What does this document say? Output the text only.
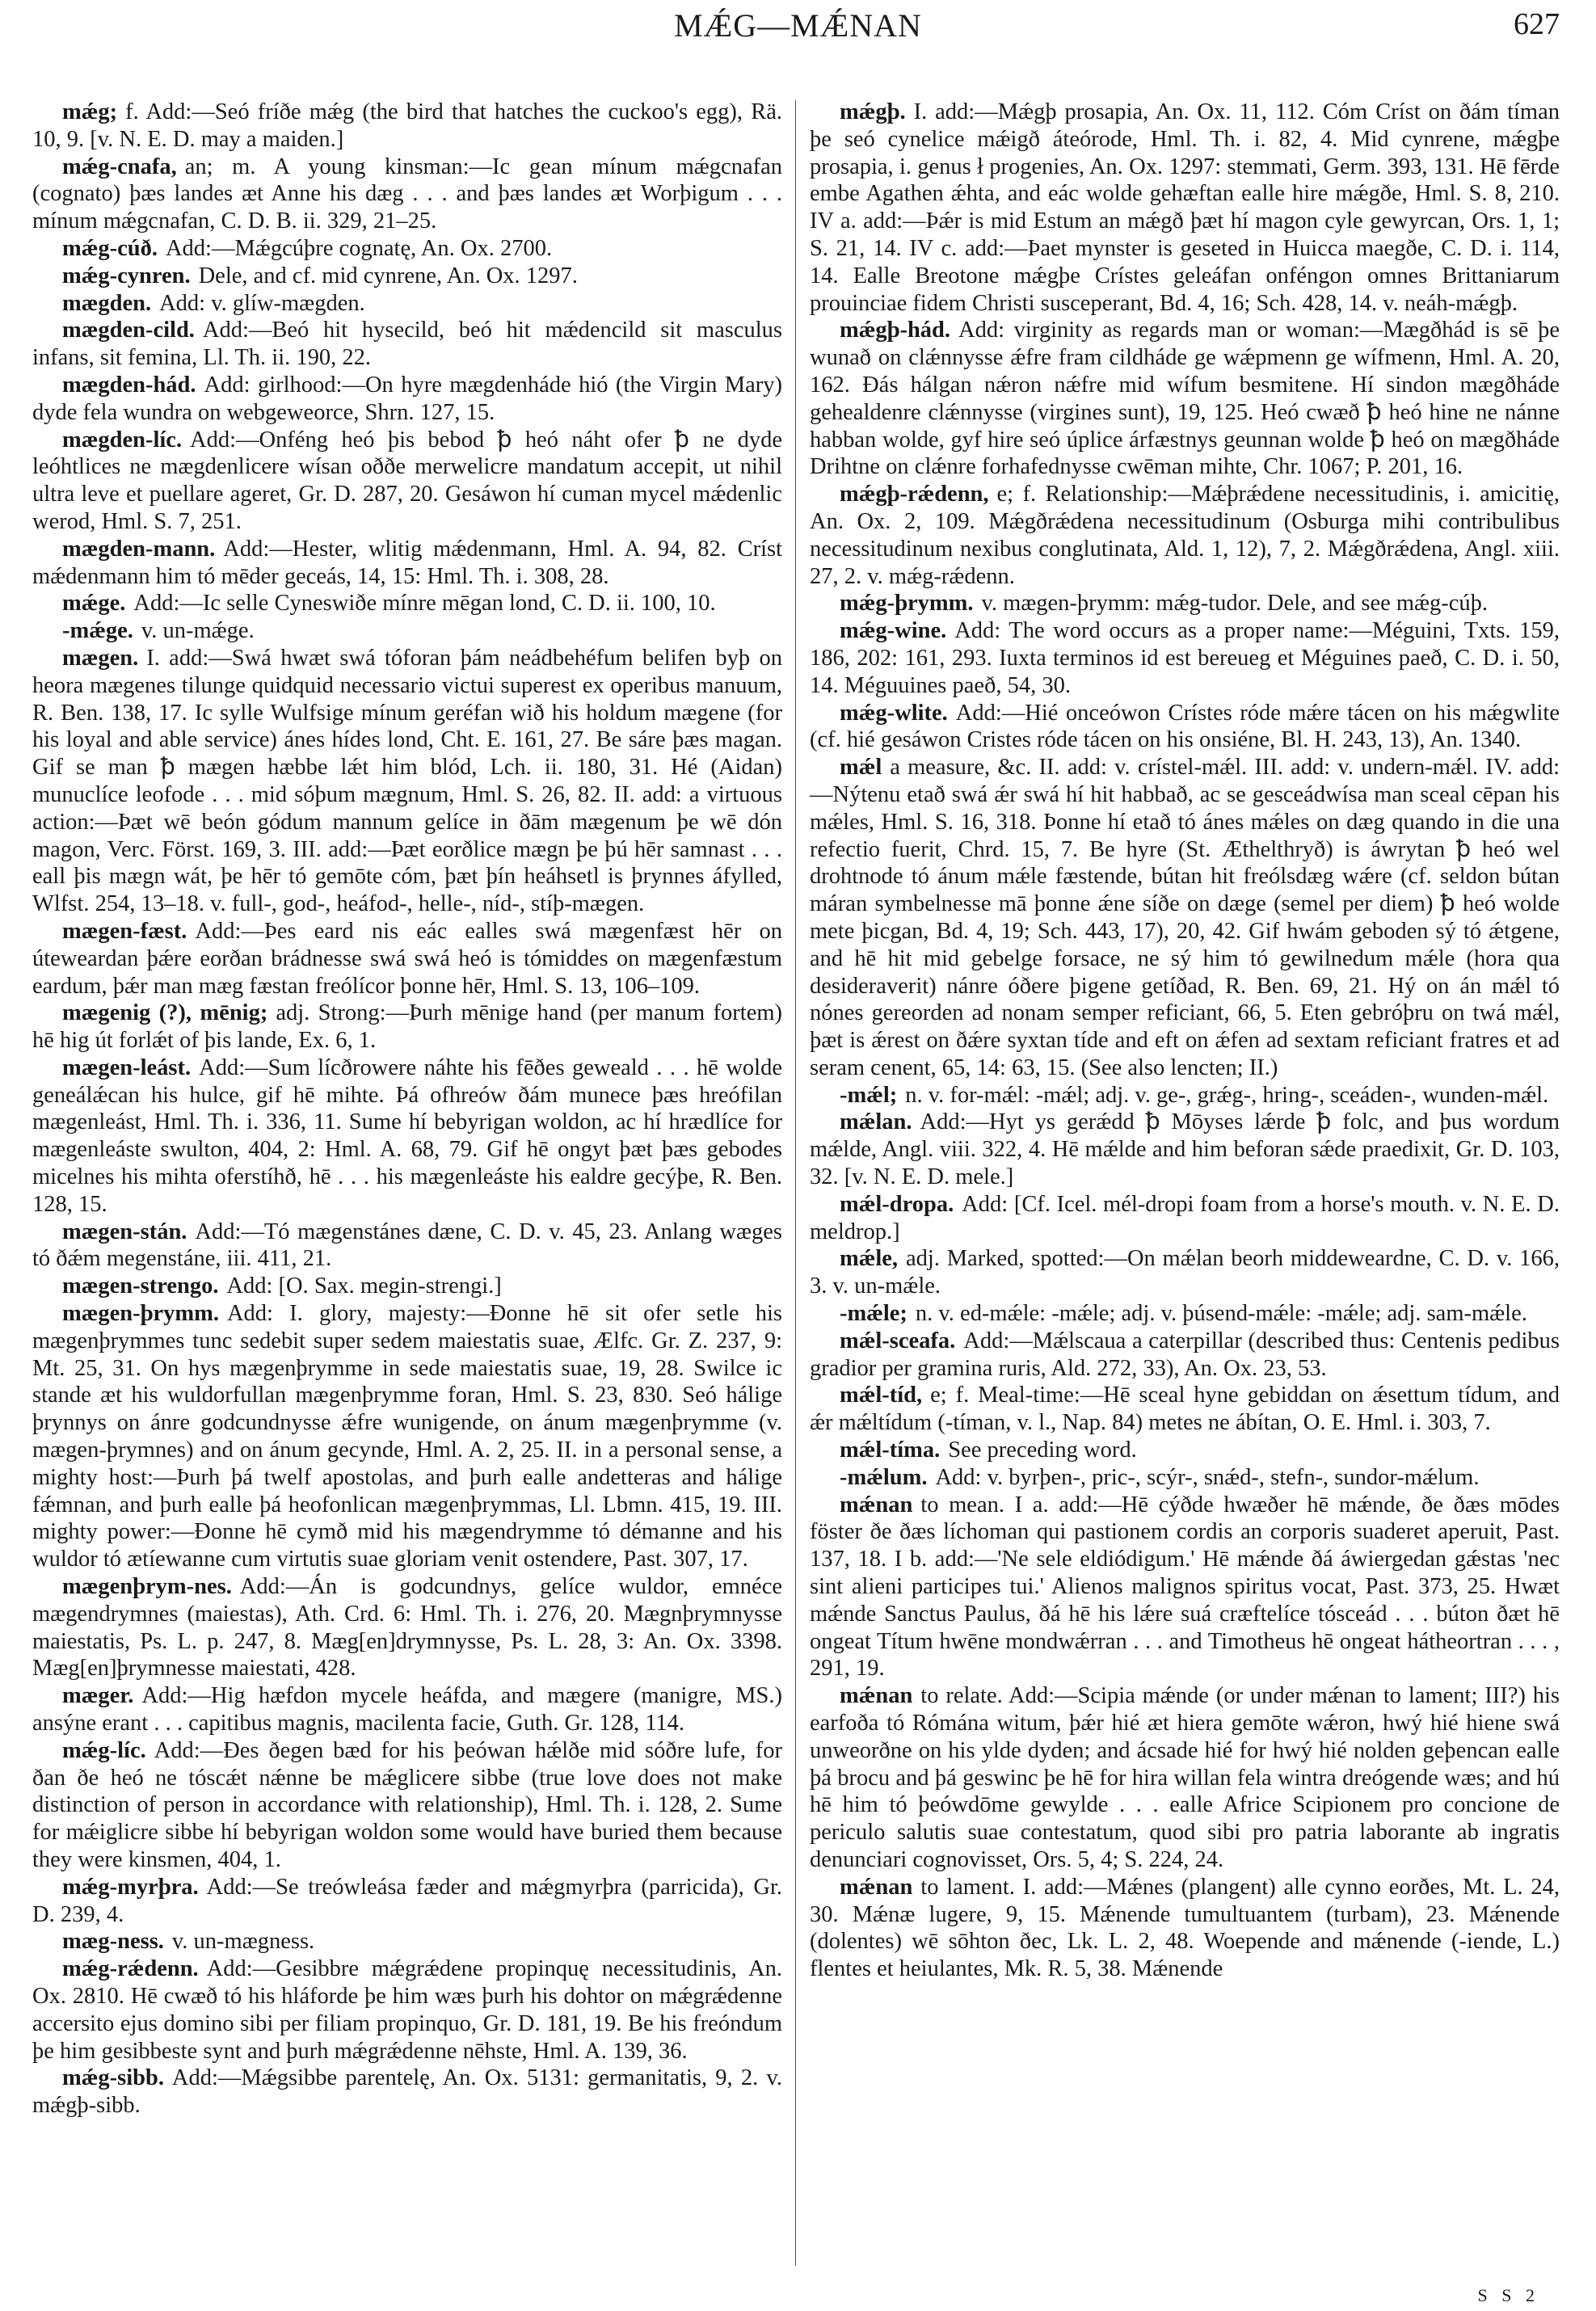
MǼG—MǼNAN	627

mǽg; f. Add:—Seó fríðe mǽg (the bird that hatches the cuckoo's egg), Rä. 10, 9. [v. N. E. D. may a maiden.]

mǽg-cnafa, an; m. A young kinsman:—Ic gean mínum mǽgcnafan (cognato) þæs landes æt Anne his dæg . . . and þæs landes æt Worþigum . . . mínum mǽgcnafan, C. D. B. ii. 329, 21–25.

mǽg-cúð. Add:—Mǽgcúþre cognatę, An. Ox. 2700.

mǽg-cynren. Dele, and cf. mid cynrene, An. Ox. 1297.

mægden. Add: v. glíw-mægden.

mægden-cild. Add:—Beó hit hysecild, beó hit mǽdencild sit masculus infans, sit femina, Ll. Th. ii. 190, 22.

mægden-hád. Add: girlhood:—On hyre mægdenháde hió (the Virgin Mary) dyde fela wundra on webgeweorce, Shrn. 127, 15.

mægden-líc. Add:—Onféng heó þis bebod ꝥ heó náht ofer ꝥ ne dyde leóhtlices ne mægdenlicere wísan oððe merwelicre mandatum accepit, ut nihil ultra leve et puellare ageret, Gr. D. 287, 20. Gesáwon hí cuman mycel mǽdenlic werod, Hml. S. 7, 251.

mægden-mann. Add:—Hester, wlitig mǽdenmann, Hml. A. 94, 82. Críst mǽdenmann him tó mēder geceás, 14, 15: Hml. Th. i. 308, 28.

mǽge. Add:—Ic selle Cyneswiðe mínre mēgan lond, C. D. ii. 100, 10.

-mǽge. v. un-mǽge.

mægen. I. add:—Swá hwæt swá tóforan þám neádbehéfum belifen byþ on heora mægenes tilunge quidquid necessario victui superest ex operibus manuum, R. Ben. 138, 17. Ic sylle Wulfsige mínum geréfan wið his holdum mægene (for his loyal and able service) ánes hídes lond, Cht. E. 161, 27. Be sáre þæs magan. Gif se man ꝥ mægen hæbbe lǽt him blód, Lch. ii. 180, 31. Hé (Aidan) munuclíce leofode . . . mid sóþum mægnum, Hml. S. 26, 82. II. add: a virtuous action:—Þæt wē beón gódum mannum gelíce in ðām mægenum þe wē dón magon, Verc. Först. 169, 3. III. add:—Þæt eorðlice mægn þe þú hēr samnast . . . eall þis mægn wát, þe hēr tó gemōte cóm, þæt þín heáhsetl is þrynnes áfylled, Wlfst. 254, 13–18. v. full-, god-, heáfod-, helle-, níd-, stíþ-mægen.

mægen-fæst. Add:—Þes eard nis eác ealles swá mægenfæst hēr on úteweardan þǽre eorðan brádnesse swá swá heó is tómiddes on mægenfæstum eardum, þǽr man mæg fæstan freólícor þonne hēr, Hml. S. 13, 106–109.

mægenig (?), mēnig; adj. Strong:—Þurh mēnige hand (per manum fortem) hē hig út forlǽt of þis lande, Ex. 6, 1.

mægen-leást. Add:—Sum lícðrowere náhte his fēðes geweald . . . hē wolde geneálǽcan his hulce, gif hē mihte. Þá ofhreów ðám munece þæs hreófilan mægenleást, Hml. Th. i. 336, 11. Sume hí bebyrigan woldon, ac hí hrædlíce for mægenleáste swulton, 404, 2: Hml. A. 68, 79. Gif hē ongyt þæt þæs gebodes micelnes his mihta oferstíhð, hē . . . his mægenleáste his ealdre gecýþe, R. Ben. 128, 15.

mægen-stán. Add:—Tó mægenstánes dæne, C. D. v. 45, 23. Anlang wæges tó ðǽm megenstáne, iii. 411, 21.

mægen-strengo. Add: [O. Sax. megin-strengi.]

mægen-þrymm. Add: I. glory, majesty:—Ðonne hē sit ofer setle his mægenþrymmes tunc sedebit super sedem maiestatis suae, Ælfc. Gr. Z. 237, 9: Mt. 25, 31. On hys mægenþrymme in sede maiestatis suae, 19, 28. Swilce ic stande æt his wuldorfullan mægenþrymme foran, Hml. S. 23, 830. Seó hálige þrynnys on ánre godcundnysse ǽfre wunigende, on ánum mægenþrymme (v. mægen-þrymnes) and on ánum gecynde, Hml. A. 2, 25. II. in a personal sense, a mighty host:—Þurh þá twelf apostolas, and þurh ealle andetteras and hálige fǽmnan, and þurh ealle þá heofonlican mægenþrymmas, Ll. Lbmn. 415, 19. III. mighty power:—Ðonne hē cymð mid his mægendrymme tó démanne and his wuldor tó ætíewanne cum virtutis suae gloriam venit ostendere, Past. 307, 17.

mægenþrym-nes. Add:—Án is godcundnys, gelíce wuldor, emnéce mægendrymnes (maiestas), Ath. Crd. 6: Hml. Th. i. 276, 20. Mægnþrymnysse maiestatis, Ps. L. p. 247, 8. Mæg[en]drymnysse, Ps. L. 28, 3: An. Ox. 3398. Mæg[en]þrymnesse maiestati, 428.

mæger. Add:—Hig hæfdon mycele heáfda, and mægere (manigre, MS.) ansýne erant . . . capitibus magnis, macilenta facie, Guth. Gr. 128, 114.

mǽg-líc. Add:—Ðes ðegen bæd for his þeówan hǽlðe mid sóðre lufe, for ðan ðe heó ne tóscǽt nǽnne be mǽglicere sibbe (true love does not make distinction of person in accordance with relationship), Hml. Th. i. 128, 2. Sume for mǽiglicre sibbe hí bebyrigan woldon some would have buried them because they were kinsmen, 404, 1.

mǽg-myrþra. Add:—Se treówleása fæder and mǽgmyrþra (parricida), Gr. D. 239, 4.

mæg-ness. v. un-mægness.

mǽg-rǽdenn. Add:—Gesibbre mǽgrǽdene propinquę necessitudinis, An. Ox. 2810. Hē cwæð tó his hláforde þe him wæs þurh his dohtor on mǽgrǽdenne accersito ejus domino sibi per filiam propinquo, Gr. D. 181, 19. Be his freóndum þe him gesibbeste synt and þurh mǽgrǽdenne nēhste, Hml. A. 139, 36.

mǽg-sibb. Add:—Mǽgsibbe parentelę, An. Ox. 5131: germanitatis, 9, 2. v. mǽgþ-sibb.

mǽgþ. I. add:—Mǽgþ prosapia, An. Ox. 11, 112. Cóm Críst on ðám tíman þe seó cynelice mǽigð áteórode, Hml. Th. i. 82, 4. Mid cynrene, mǽgþe prosapia, i. genus ł progenies, An. Ox. 1297: stemmati, Germ. 393, 131. Hē fērde embe Agathen ǽhta, and eác wolde gehæftan ealle hire mǽgðe, Hml. S. 8, 210. IV a. add:—Þǽr is mid Estum an mǽgð þæt hí magon cyle gewyrcan, Ors. 1, 1; S. 21, 14. IV c. add:—Þaet mynster is geseted in Huicca maegðe, C. D. i. 114, 14. Ealle Breotone mǽgþe Crístes geleáfan onféngon omnes Brittaniarum prouinciae fidem Christi susceperant, Bd. 4, 16; Sch. 428, 14. v. neáh-mǽgþ.

mǽgþ-hád. Add: virginity as regards man or woman:—Mægðhád is sē þe wunað on clǽnnysse ǽfre fram cildháde ge wǽpmenn ge wífmenn, Hml. A. 20, 162. Ðás hálgan nǽron nǽfre mid wífum besmitene. Hí sindon mægðháde gehealdenre clǽnnysse (virgines sunt), 19, 125. Heó cwæð ꝥ heó hine ne nánne habban wolde, gyf hire seó úplice árfæstnys geunnan wolde ꝥ heó on mægðháde Drihtne on clǽnre forhafednysse cwēman mihte, Chr. 1067; P. 201, 16.

mǽgþ-rǽdenn, e; f. Relationship:—Mǽþrǽdene necessitudinis, i. amicitię, An. Ox. 2, 109. Mǽgðrǽdena necessitudinum (Osburga mihi contribulibus necessitudinum nexibus conglutinata, Ald. 1, 12), 7, 2. Mǽgðrǽdena, Angl. xiii. 27, 2. v. mǽg-rǽdenn.

mǽg-þrymm. v. mægen-þrymm: mǽg-tudor. Dele, and see mǽg-cúþ.

mǽg-wine. Add: The word occurs as a proper name:—Méguini, Txts. 159, 186, 202: 161, 293. Iuxta terminos id est bereueg et Méguines paeð, C. D. i. 50, 14. Méguuines paeð, 54, 30.

mǽg-wlite. Add:—Hié onceówon Crístes róde mǽre tácen on his mǽgwlite (cf. hié gesáwon Cristes róde tácen on his onsiéne, Bl. H. 243, 13), An. 1340.

mǽl a measure, &c. II. add: v. crístel-mǽl. III. add: v. undern-mǽl. IV. add:—Nýtenu etað swá ǽr swá hí hit habbað, ac se gesceádwísa man sceal cēpan his mǽles, Hml. S. 16, 318. Þonne hí etað tó ánes mǽles on dæg quando in die una refectio fuerit, Chrd. 15, 7. Be hyre (St. Æthelthryð) is áwrytan ꝥ heó wel drohtnode tó ánum mǽle fæstende, bútan hit freólsdæg wǽre (cf. seldon bútan máran symbelnesse mā þonne ǽne síðe on dæge (semel per diem) ꝥ heó wolde mete þicgan, Bd. 4, 19; Sch. 443, 17), 20, 42. Gif hwám geboden sý tó ǽtgene, and hē hit mid gebelge forsace, ne sý him tó gewilnedum mǽle (hora qua desideraverit) nánre óðere þigene getíðad, R. Ben. 69, 21. Hý on án mǽl tó nónes gereorden ad nonam semper reficiant, 66, 5. Eten gebróþru on twá mǽl, þæt is ǽrest on ðǽre syxtan tíde and eft on ǽfen ad sextam reficiant fratres et ad seram cenent, 65, 14: 63, 15. (See also lencten; II.)

-mǽl; n. v. for-mǽl: -mǽl; adj. v. ge-, grǽg-, hring-, sceáden-, wunden-mǽl.

mǽlan. Add:—Hyt ys gerǽdd ꝥ Mōyses lǽrde ꝥ folc, and þus wordum mǽlde, Angl. viii. 322, 4. Hē mǽlde and him beforan sǽde praedixit, Gr. D. 103, 32. [v. N. E. D. mele.]

mǽl-dropa. Add: [Cf. Icel. mél-dropi foam from a horse's mouth. v. N. E. D. meldrop.]

mǽle, adj. Marked, spotted:—On mǽlan beorh middeweardne, C. D. v. 166, 3. v. un-mǽle.

-mǽle; n. v. ed-mǽle: -mǽle; adj. v. þúsend-mǽle: -mǽle; adj. sam-mǽle.

mǽl-sceafa. Add:—Mǽlscaua a caterpillar (described thus: Centenis pedibus gradior per gramina ruris, Ald. 272, 33), An. Ox. 23, 53.

mǽl-tíd, e; f. Meal-time:—Hē sceal hyne gebiddan on ǽsettum tídum, and ǽr mǽltídum (-tíman, v. l., Nap. 84) metes ne ábítan, O. E. Hml. i. 303, 7.

mǽl-tíma. See preceding word.

-mǽlum. Add: v. byrþen-, pric-, scýr-, snǽd-, stefn-, sundor-mǽlum.

mǽnan to mean. I a. add:—Hē cýðde hwæðer hē mǽnde, ðe ðæs mōdes föster ðe ðæs líchoman qui pastionem cordis an corporis suaderet aperuit, Past. 137, 18. I b. add:—'Ne sele eldiódigum.' Hē mǽnde ðá áwiergedan gǽstas 'nec sint alieni participes tui.' Alienos malignos spiritus vocat, Past. 373, 25. Hwæt mǽnde Sanctus Paulus, ðá hē his lǽre suá cræftelíce tósceád . . . búton ðæt hē ongeat Títum hwēne mondwǽrran . . . and Timotheus hē ongeat hátheortran . . . , 291, 19.

mǽnan to relate. Add:—Scipia mǽnde (or under mǽnan to lament; III?) his earfoða tó Rómána witum, þǽr hié æt hiera gemōte wǽron, hwý hié hiene swá unweorðne on his ylde dyden; and ácsade hié for hwý hié nolden geþencan ealle þá brocu and þá geswinc þe hē for hira willan fela wintra dreógende wæs; and hú hē him tó þeówdōme gewylde . . . ealle Africe Scipionem pro concione de periculo salutis suae contestatum, quod sibi pro patria laborante ab ingratis denunciari cognovisset, Ors. 5, 4; S. 224, 24.

mǽnan to lament. I. add:—Mǽnes (plangent) alle cynno eorðes, Mt. L. 24, 30. Mǽnæ lugere, 9, 15. Mǽnende tumultuantem (turbam), 23. Mǽnende (dolentes) wē sōhton ðec, Lk. L. 2, 48. Woepende and mǽnende (-iende, L.) flentes et heiulantes, Mk. R. 5, 38. Mǽnende

S S 2
